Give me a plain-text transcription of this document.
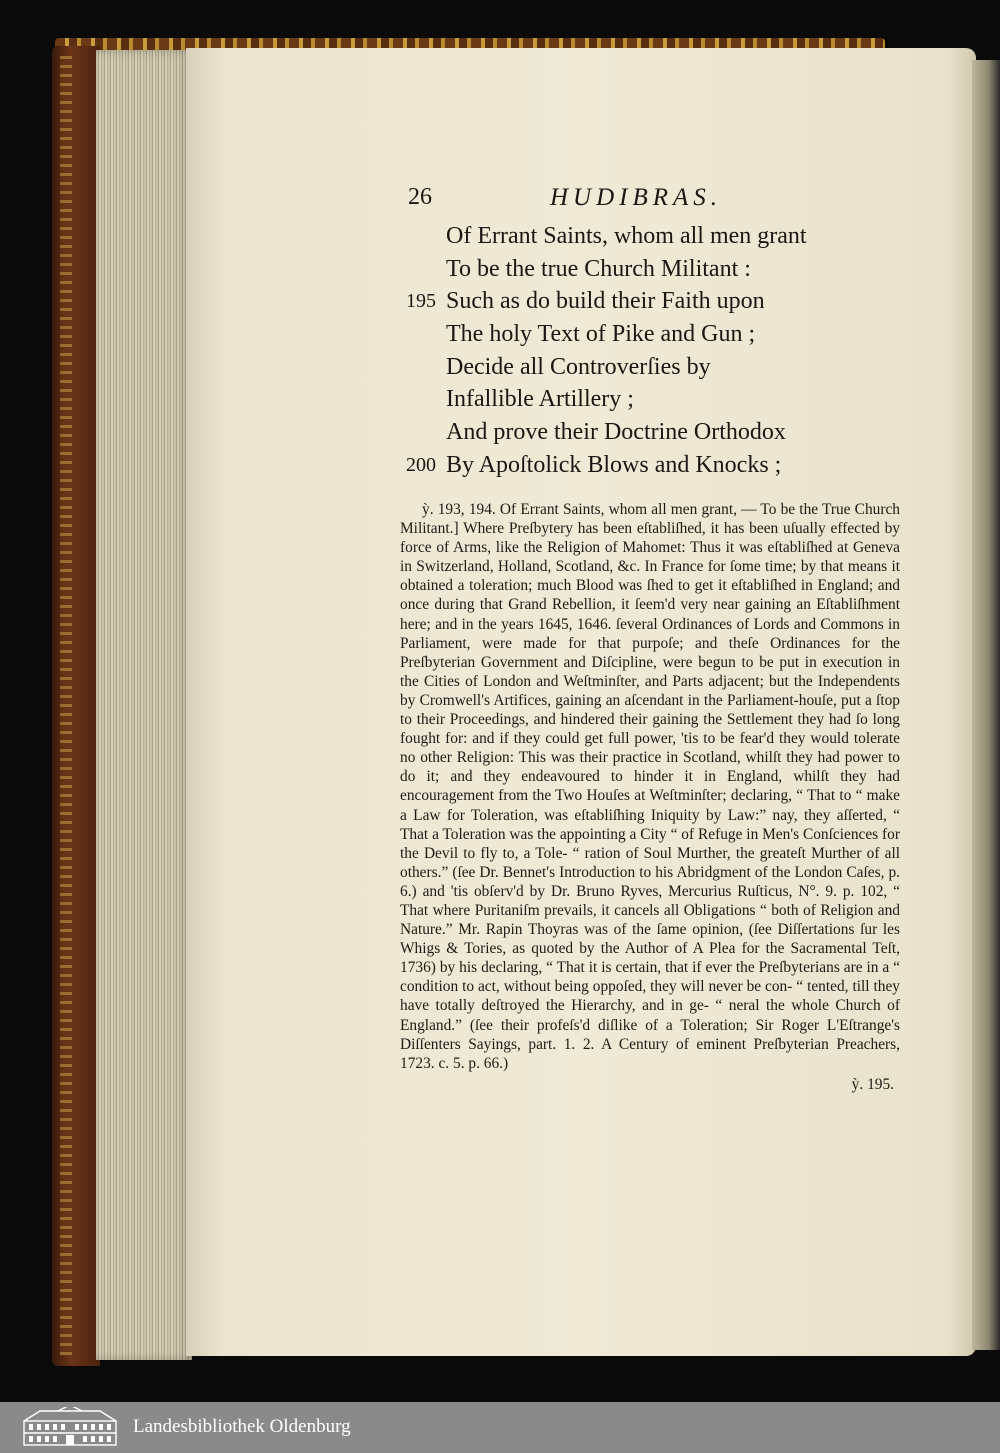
26	HUDIBRAS.
Of Errant Saints, whom all men grant
To be the true Church Militant :
195 Such as do build their Faith upon
The holy Text of Pike and Gun ;
Decide all Controverſies by
Infallible Artillery ;
And prove their Doctrine Orthodox
200 By Apoſtolick Blows and Knocks ;

ỳ. 193, 194. Of Errant Saints, whom all men grant, — To be the True Church Militant.] Where Preſbytery has been eſtabliſhed, it has been uſually effected by force of Arms, like the Religion of Mahomet: Thus it was eſtabliſhed at Geneva in Switzerland, Holland, Scotland, &c. In France for ſome time; by that means it obtained a toleration; much Blood was ſhed to get it eſtabliſhed in England; and once during that Grand Rebellion, it ſeem'd very near gaining an Eſtabliſhment here; and in the years 1645, 1646. ſeveral Ordinances of Lords and Commons in Parliament, were made for that purpoſe; and theſe Ordinances for the Preſbyterian Government and Diſcipline, were begun to be put in execution in the Cities of London and Weſtminſter, and Parts adjacent; but the Independents by Cromwell's Artifices, gaining an aſcendant in the Parliament-houſe, put a ſtop to their Proceedings, and hindered their gaining the Settlement they had ſo long fought for: and if they could get full power, 'tis to be fear'd they would tolerate no other Religion: This was their practice in Scotland, whilſt they had power to do it; and they endeavoured to hinder it in England, whilſt they had encouragement from the Two Houſes at Weſtminſter; declaring, “ That to “ make a Law for Toleration, was eſtabliſhing Iniquity by Law:” nay, they aſſerted, “ That a Toleration was the appointing a City “ of Refuge in Men's Conſciences for the Devil to fly to, a Tole- “ ration of Soul Murther, the greateſt Murther of all others.” (ſee Dr. Bennet's Introduction to his Abridgment of the London Caſes, p. 6.) and 'tis obſerv'd by Dr. Bruno Ryves, Mercurius Ruſticus, N°. 9. p. 102, “ That where Puritaniſm prevails, it cancels all Obligations “ both of Religion and Nature.” Mr. Rapin Thoyras was of the ſame opinion, (ſee Diſſertations ſur les Whigs & Tories, as quoted by the Author of A Plea for the Sacramental Teſt, 1736) by his declaring, “ That it is certain, that if ever the Preſbyterians are in a “ condition to act, without being oppoſed, they will never be con- “ tented, till they have totally deſtroyed the Hierarchy, and in ge- “ neral the whole Church of England.” (ſee their profeſs'd diſlike of a Toleration; Sir Roger L'Eſtrange's Diſſenters Sayings, part. 1. 2. A Century of eminent Preſbyterian Preachers, 1723. c. 5. p. 66.)

ỳ. 195.
Landesbibliothek Oldenburg
